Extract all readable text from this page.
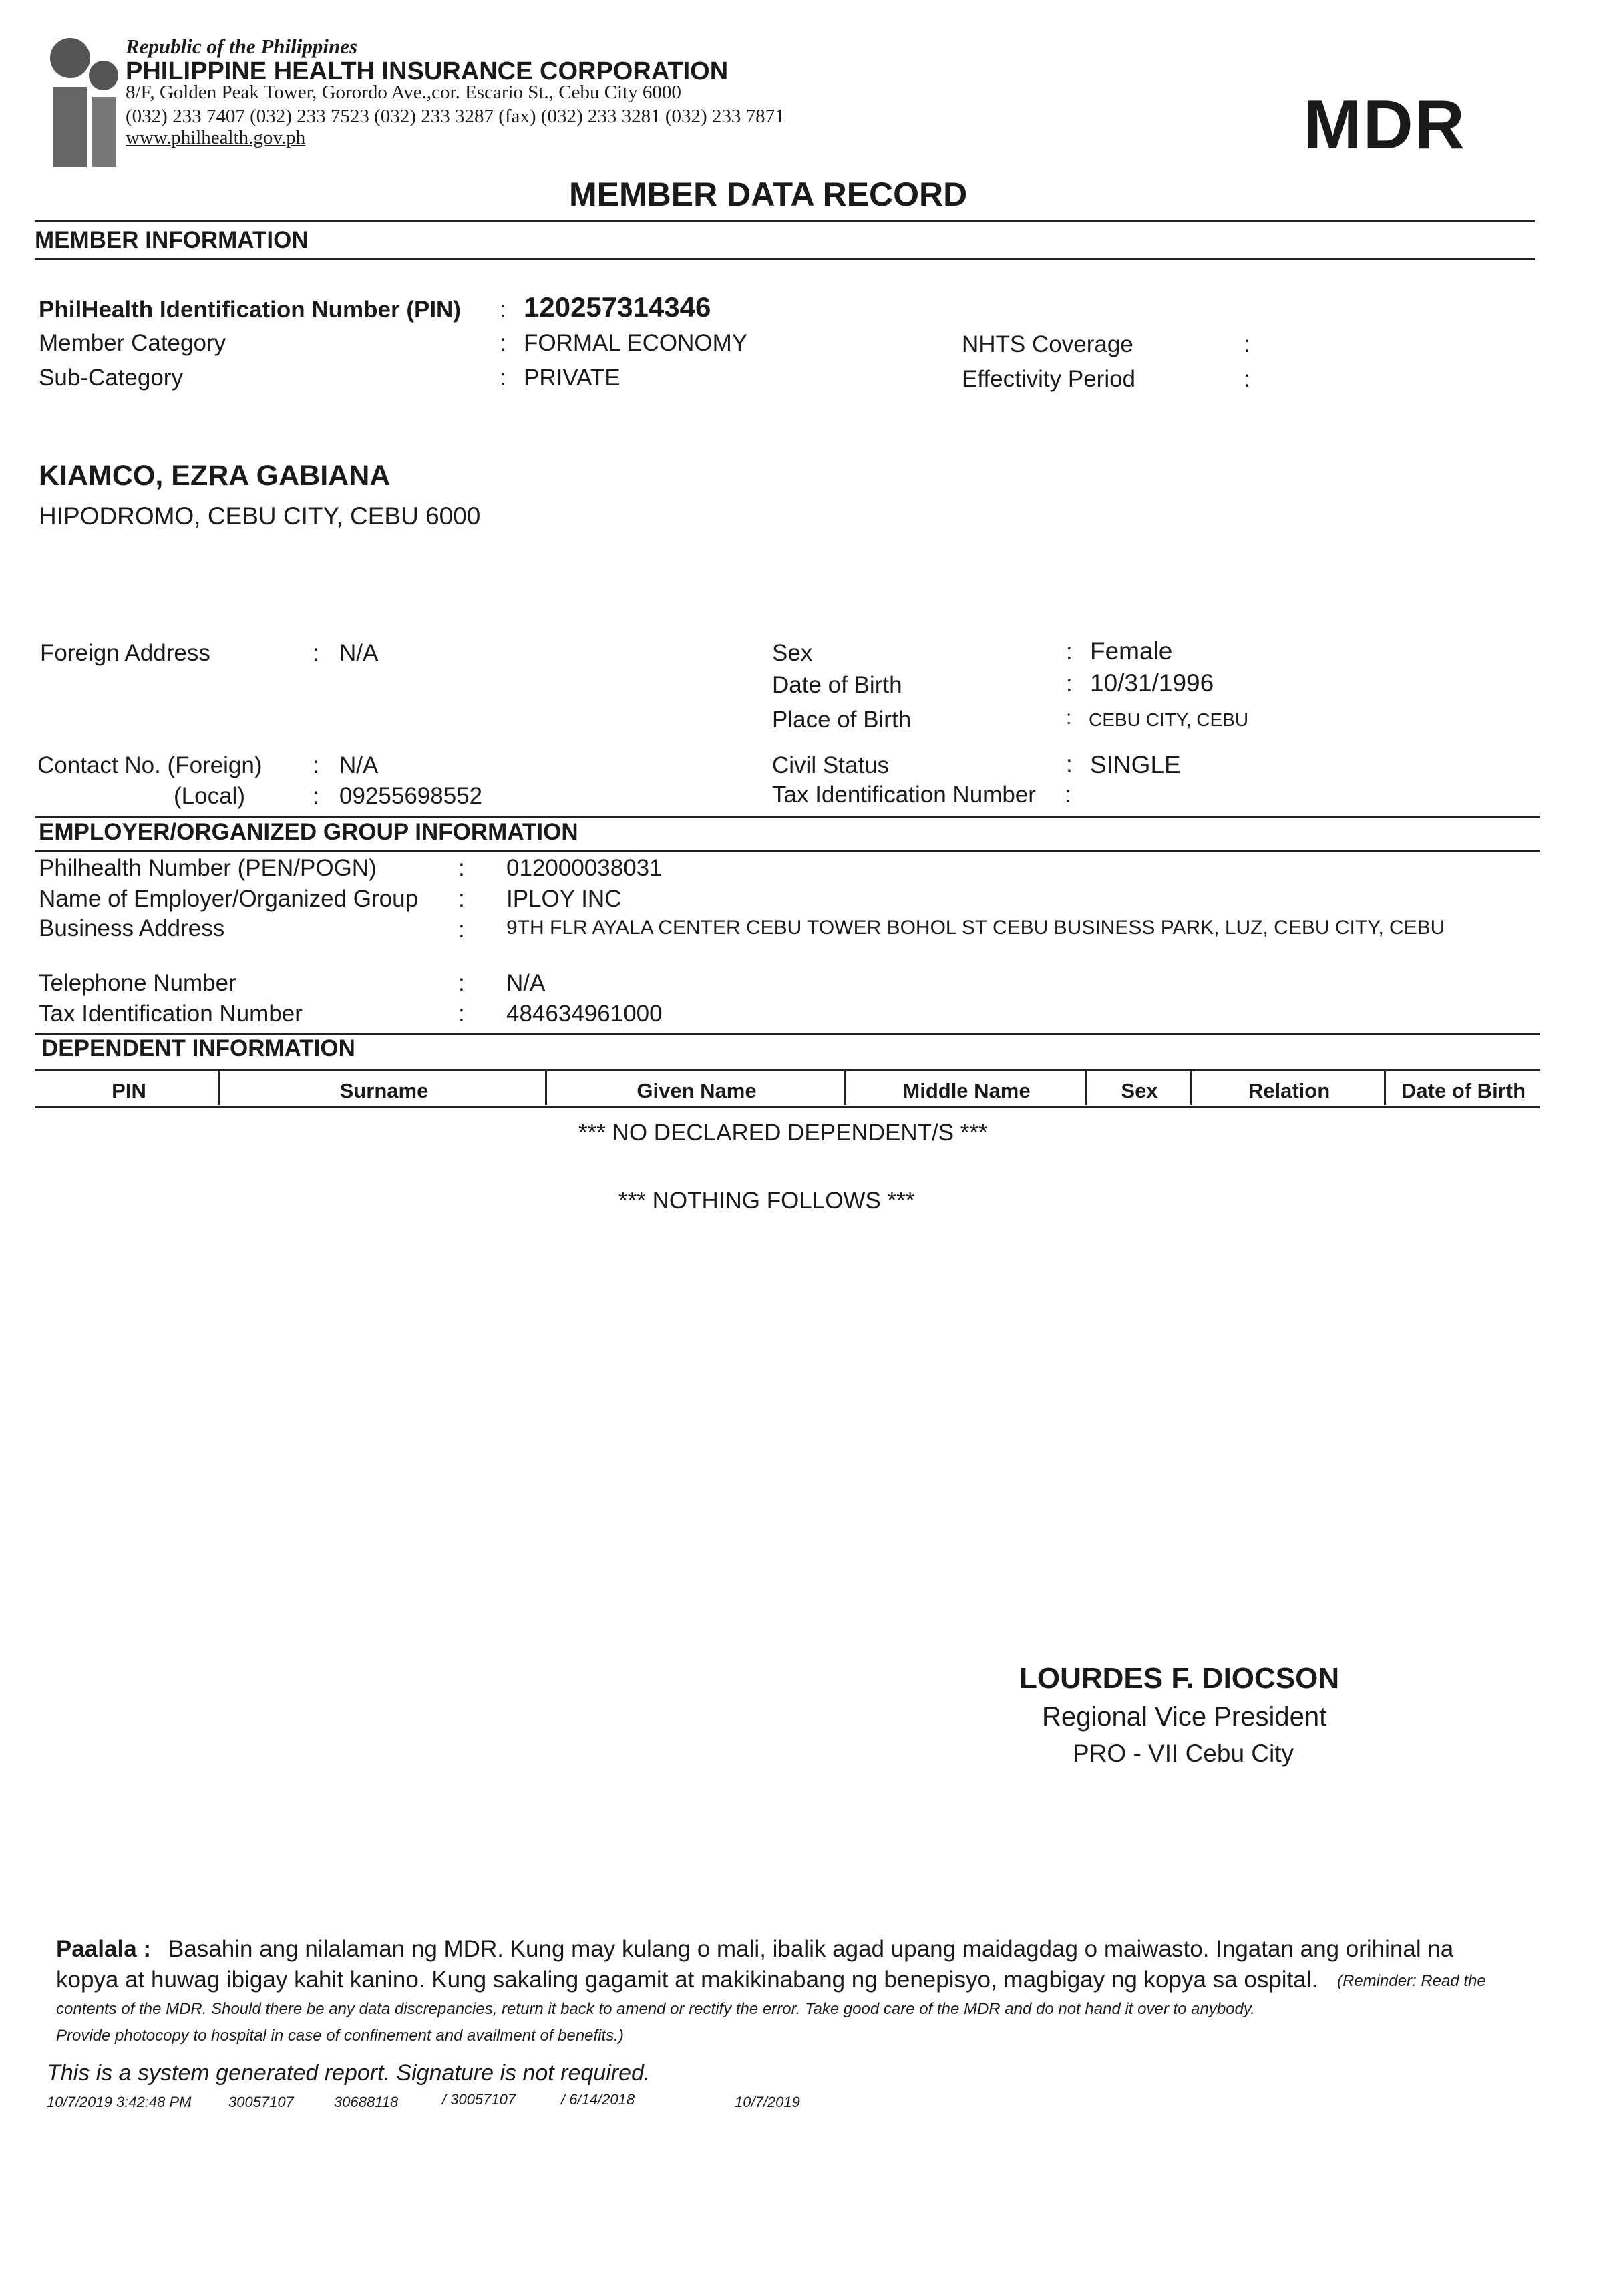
Republic of the Philippines
PHILIPPINE HEALTH INSURANCE CORPORATION
8/F, Golden Peak Tower, Gorordo Ave.,cor. Escario St., Cebu City 6000
(032) 233 7407 (032) 233 7523 (032) 233 3287 (fax) (032) 233 3281 (032) 233 7871
www.philhealth.gov.ph	MDR
MEMBER DATA RECORD
MEMBER INFORMATION
PhilHealth Identification Number (PIN) : 120257314346
Member Category	: FORMAL ECONOMY	NHTS Coverage	:
Sub-Category	: PRIVATE	Effectivity Period	:
KIAMCO, EZRA GABIANA
HIPODROMO, CEBU CITY, CEBU 6000
Foreign Address	: N/A	Sex	: Female
Date of Birth	: 10/31/1996
Place of Birth	: CEBU CITY, CEBU
Contact No. (Foreign) : N/A	Civil Status	: SINGLE
(Local)	: 09255698552	Tax Identification Number :
EMPLOYER/ORGANIZED GROUP INFORMATION
Philhealth Number (PEN/POGN)	: 012000038031
Name of Employer/Organized Group : IPLOY INC
Business Address	: 9TH FLR AYALA CENTER CEBU TOWER BOHOL ST CEBU BUSINESS PARK, LUZ, CEBU CITY, CEBU
Telephone Number	: N/A
Tax Identification Number	: 484634961000
DEPENDENT INFORMATION
PIN	Surname	Given Name	Middle Name	Sex	Relation	Date of Birth
*** NO DECLARED DEPENDENT/S ***
*** NOTHING FOLLOWS ***
LOURDES F. DIOCSON
Regional Vice President
PRO - VII Cebu City
Paalala : Basahin ang nilalaman ng MDR. Kung may kulang o mali, ibalik agad upang maidagdag o maiwasto. Ingatan ang orihinal na
kopya at huwag ibigay kahit kanino. Kung sakaling gagamit at makikinabang ng benepisyo, magbigay ng kopya sa ospital. (Reminder: Read the
contents of the MDR. Should there be any data discrepancies, return it back to amend or rectify the error. Take good care of the MDR and do not hand it over to anybody.
Provide photocopy to hospital in case of confinement and availment of benefits.)
This is a system generated report. Signature is not required.
10/7/2019 3:42:48 PM	30057107	30688118	/ 30057107	/ 6/14/2018	10/7/2019
